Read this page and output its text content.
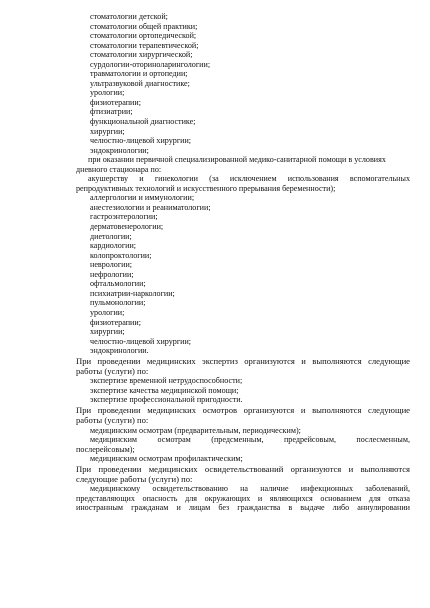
стоматологии детской;
стоматологии общей практики;
стоматологии ортопедической;
стоматологии терапевтической;
стоматологии хирургической;
сурдологии-оториноларингологии;
травматологии и ортопедии;
ультразвуковой диагностике;
урологии;
физиотерапии;
фтизиатрии;
функциональной диагностике;
хирургии;
челюстно-лицевой хирургии;
эндокринологии;
при оказании первичной специализированной медико-санитарной помощи в условиях
дневного стационара по:
акушерству и гинекологии (за исключением использования вспомогательных
репродуктивных технологий и искусственного прерывания беременности);
аллергологии и иммунологии;
анестезиологии и реаниматологии;
гастроэнтерологии;
дерматовенерологии;
диетологии;
кардиологии;
колопроктологии;
неврологии;
нефрологии;
офтальмологии;
психиатрии-наркологии;
пульмонологии;
урологии;
физиотерапии;
хирургии;
челюстно-лицевой хирургии;
эндокринологии.
При проведении медицинских экспертиз организуются и выполняются следующие
работы (услуги) по:
экспертизе временной нетрудоспособности;
экспертизе качества медицинской помощи;
экспертизе профессиональной пригодности.
При проведении медицинских осмотров организуются и выполняются следующие
работы (услуги) по:
медицинским осмотрам (предварительным, периодическим);
медицинским осмотрам (предсменным, предрейсовым, послесменным,
послерейсовым);
медицинским осмотрам профилактическим;
При проведении медицинских освидетельствований организуются и выполняются
следующие работы (услуги) по:
медицинскому освидетельствованию на наличие инфекционных заболеваний,
представляющих опасность для окружающих и являющихся основанием для отказа
иностранным гражданам и лицам без гражданства в выдаче либо аннулировании
